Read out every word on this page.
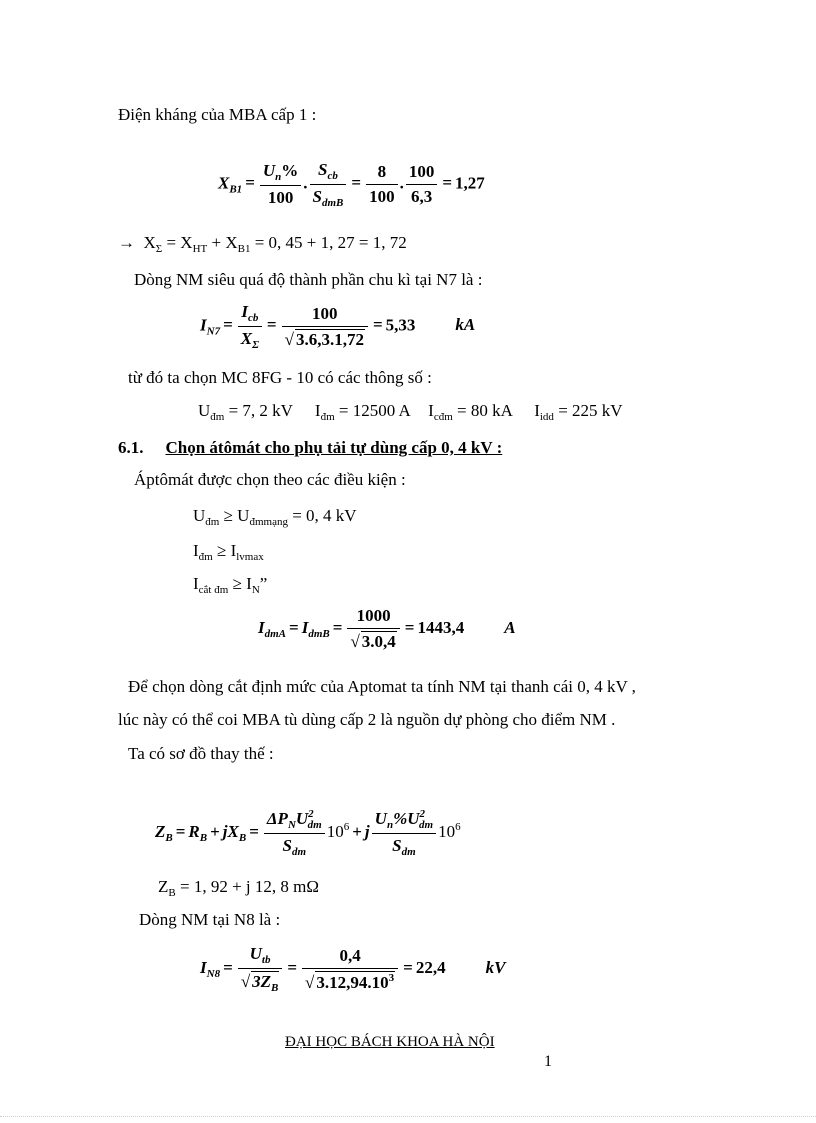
Điện kháng của MBA cấp 1 :
$X_{B1} = \frac{U_n\%}{100}$ . $\frac{S_{cb}}{S_{dmB}} = \frac{8}{100}$ . $\frac{100}{6,3} = 1,27$
→ $X_\Sigma = X_{HT} + X_{B1} = 0$, 45 + 1, 27 = 1, 72
Dòng NM siêu quá độ thành phần chu kì tại N7 là :
$I_{N7} = \frac{I_{cb}}{X_\Sigma} = \frac{100}{√ 3.6,3.1,72} = 5,33$ kA
từ đó ta chọn MC 8FG - 10 có các thông số :
$U_{đm} = 7$, 2 kV $I_{đm} = 12500$ A $I_{cđm} = 80$ kA $I_{idd} = 225$ kV
6.1. Chọn átômát cho phụ tải tự dùng cấp 0, 4 kV :
Áptômát được chọn theo các điều kiện :
$U_{đm} \ge U_{đmmạng} = 0$, 4 kV
$I_{đm} \ge I_{lvmax}$
$I_{cắt đm} \ge I_N$”
$I_{dmA} = I_{dmB} = \frac{1000}{√ 3.0,4} = 1443,4$ A
Để chọn dòng cắt định mức của Aptomat ta tính NM tại thanh cái 0, 4 kV ,
lúc này có thể coi MBA tù dùng cấp 2 là nguồn dự phòng cho điểm NM .
Ta có sơ đồ thay thế :
$Z_B = R_B + jX_B = \frac{\Delta P_NU^2_{dm}}{S_{dm}} 10^6 + j \frac{U_n\%U^2_{dm}}{S_{dm}} 10^6$
$Z_B = 1$, 92 + j 12, 8 mΩ
Dòng NM tại N8 là :
$I_{N8} = \frac{U_{tb}}{√ 3Z_B} = \frac{0,4}{√ 3.12,94.10^3} = 22,4$ kV
ĐẠI HỌC BÁCH KHOA HÀ NỘI
1
